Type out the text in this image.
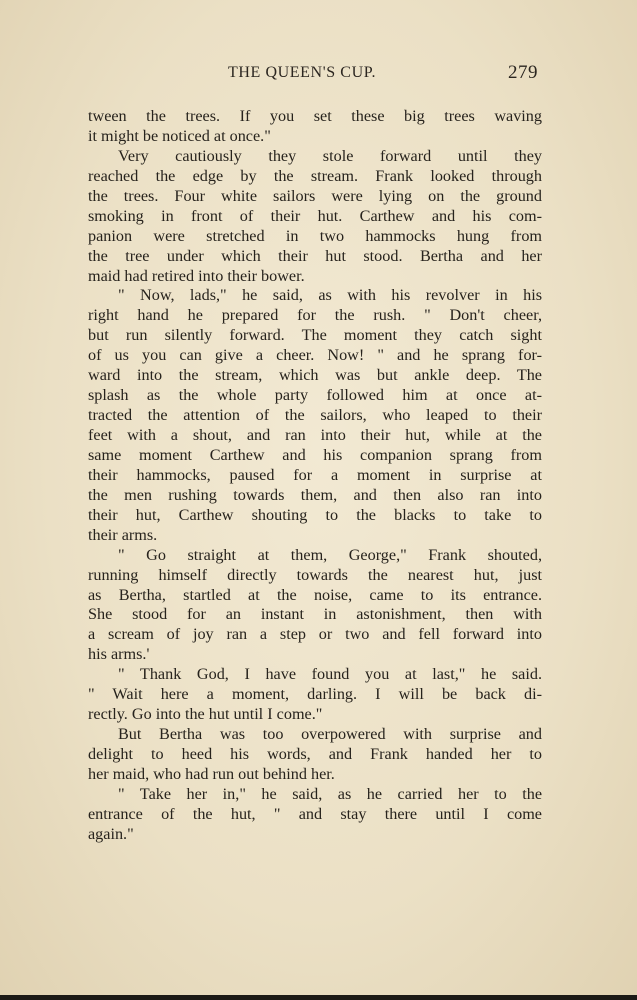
THE QUEEN'S CUP.	279
tween the trees. If you set these big trees waving
it might be noticed at once."
Very cautiously they stole forward until they
reached the edge by the stream. Frank looked through
the trees. Four white sailors were lying on the ground
smoking in front of their hut. Carthew and his com-
panion were stretched in two hammocks hung from
the tree under which their hut stood. Bertha and her
maid had retired into their bower.
" Now, lads," he said, as with his revolver in his
right hand he prepared for the rush. " Don't cheer,
but run silently forward. The moment they catch sight
of us you can give a cheer. Now! " and he sprang for-
ward into the stream, which was but ankle deep. The
splash as the whole party followed him at once at-
tracted the attention of the sailors, who leaped to their
feet with a shout, and ran into their hut, while at the
same moment Carthew and his companion sprang from
their hammocks, paused for a moment in surprise at
the men rushing towards them, and then also ran into
their hut, Carthew shouting to the blacks to take to
their arms.
" Go straight at them, George," Frank shouted,
running himself directly towards the nearest hut, just
as Bertha, startled at the noise, came to its entrance.
She stood for an instant in astonishment, then with
a scream of joy ran a step or two and fell forward into
his arms.'
" Thank God, I have found you at last," he said.
" Wait here a moment, darling. I will be back di-
rectly. Go into the hut until I come."
But Bertha was too overpowered with surprise and
delight to heed his words, and Frank handed her to
her maid, who had run out behind her.
" Take her in," he said, as he carried her to the
entrance of the hut, " and stay there until I come
again."
